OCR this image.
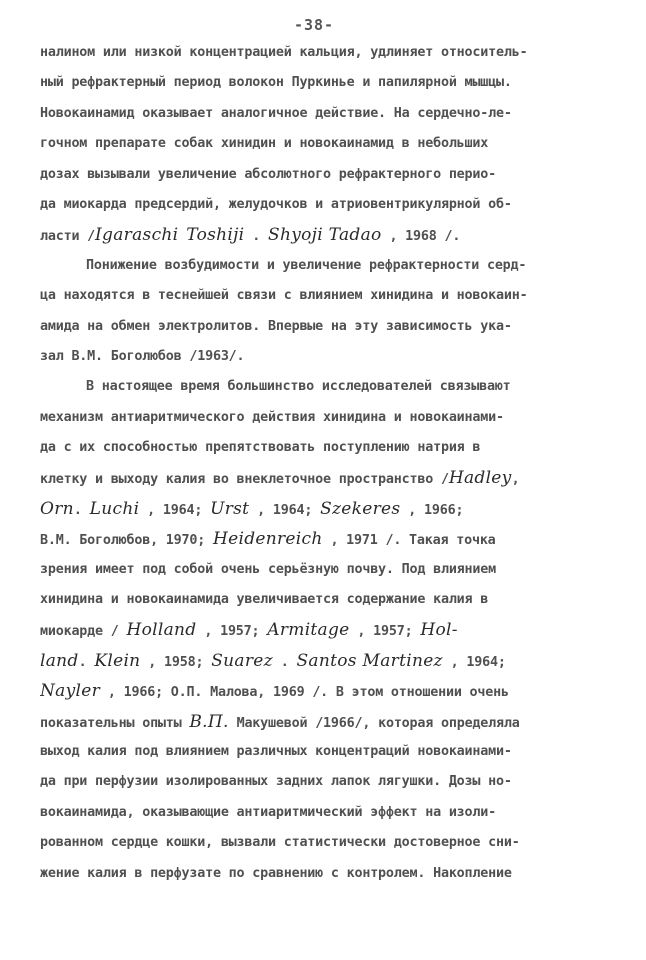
-38-
налином или низкой концентрацией кальция, удлиняет относитель-
ный рефрактерный период волокон Пуркинье и папилярной мышцы.
Новокаинамид оказывает аналогичное действие. На сердечно-ле-
гочном препарате собак хинидин и новокаинамид в небольших
дозах вызывали увеличение абсолютного рефрактерного перио-
да миокарда предсердий, желудочков и атриовентрикулярной об-
ласти /Igaraschi Toshiji . Shyoji Tadao , 1968 /.
Понижение возбудимости и увеличение рефрактерности серд-
ца находятся в теснейшей связи с влиянием хинидина и новокаин-
амида на обмен электролитов. Впервые на эту зависимость ука-
зал В.М. Боголюбов /1963/.
В настоящее время большинство исследователей связывают
механизм антиаритмического действия хинидина и новокаинами-
да с их способностью препятствовать поступлению натрия в
клетку и выходу калия во внеклеточное пространство /Hadley,
Orn. Luchi , 1964; Urst , 1964; Szekeres , 1966;
В.М. Боголюбов, 1970; Heidenreich , 1971 /. Такая точка
зрения имеет под собой очень серьёзную почву. Под влиянием
хинидина и новокаинамида увеличивается содержание калия в
миокарде / Holland , 1957; Armitage , 1957; Hol-
land. Klein , 1958; Suarez . Santos Martinez , 1964;
Nayler , 1966; О.П. Малова, 1969 /. В этом отношении очень
показательны опыты В.П. Макушевой /1966/, которая определяла
выход калия под влиянием различных концентраций новокаинами-
да при перфузии изолированных задних лапок лягушки. Дозы но-
вокаинамида, оказывающие антиаритмический эффект на изоли-
рованном сердце кошки, вызвали статистически достоверное сни-
жение калия в перфузате по сравнению с контролем. Накопление
